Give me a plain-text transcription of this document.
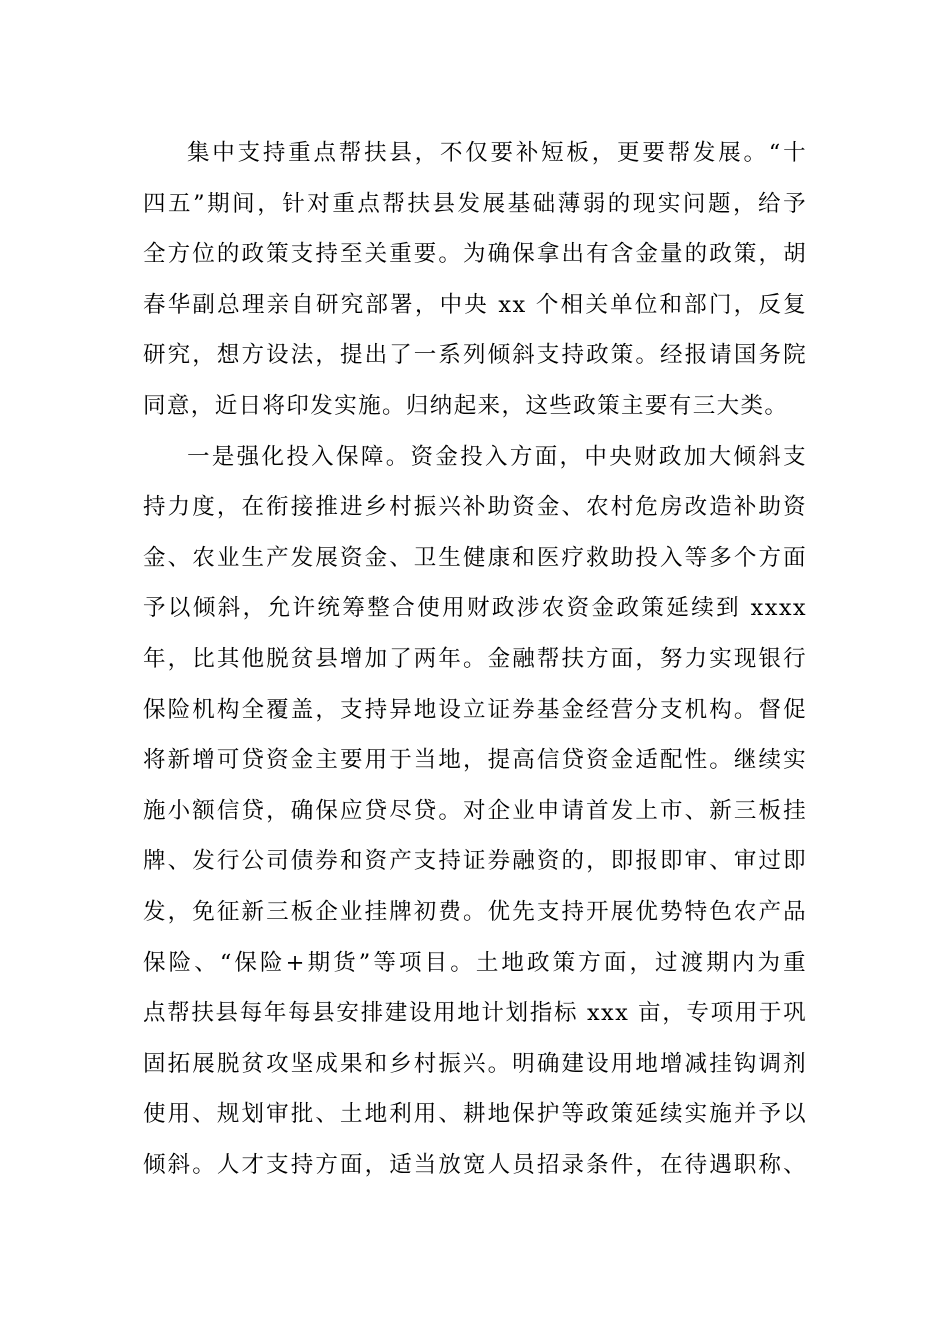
集中支持重点帮扶县，不仅要补短板，更要帮发展。“十
四五”期间，针对重点帮扶县发展基础薄弱的现实问题，给予
全方位的政策支持至关重要。为确保拿出有含金量的政策，胡
春华副总理亲自研究部署，中央 xx 个相关单位和部门，反复
研究，想方设法，提出了一系列倾斜支持政策。经报请国务院
同意，近日将印发实施。归纳起来，这些政策主要有三大类。
一是强化投入保障。资金投入方面，中央财政加大倾斜支
持力度，在衔接推进乡村振兴补助资金、农村危房改造补助资
金、农业生产发展资金、卫生健康和医疗救助投入等多个方面
予以倾斜，允许统筹整合使用财政涉农资金政策延续到 xxxx
年，比其他脱贫县增加了两年。金融帮扶方面，努力实现银行
保险机构全覆盖，支持异地设立证券基金经营分支机构。督促
将新增可贷资金主要用于当地，提高信贷资金适配性。继续实
施小额信贷，确保应贷尽贷。对企业申请首发上市、新三板挂
牌、发行公司债券和资产支持证券融资的，即报即审、审过即
发，免征新三板企业挂牌初费。优先支持开展优势特色农产品
保险、“保险+期货”等项目。土地政策方面，过渡期内为重
点帮扶县每年每县安排建设用地计划指标 xxx 亩，专项用于巩
固拓展脱贫攻坚成果和乡村振兴。明确建设用地增减挂钩调剂
使用、规划审批、土地利用、耕地保护等政策延续实施并予以
倾斜。人才支持方面，适当放宽人员招录条件，在待遇职称、
